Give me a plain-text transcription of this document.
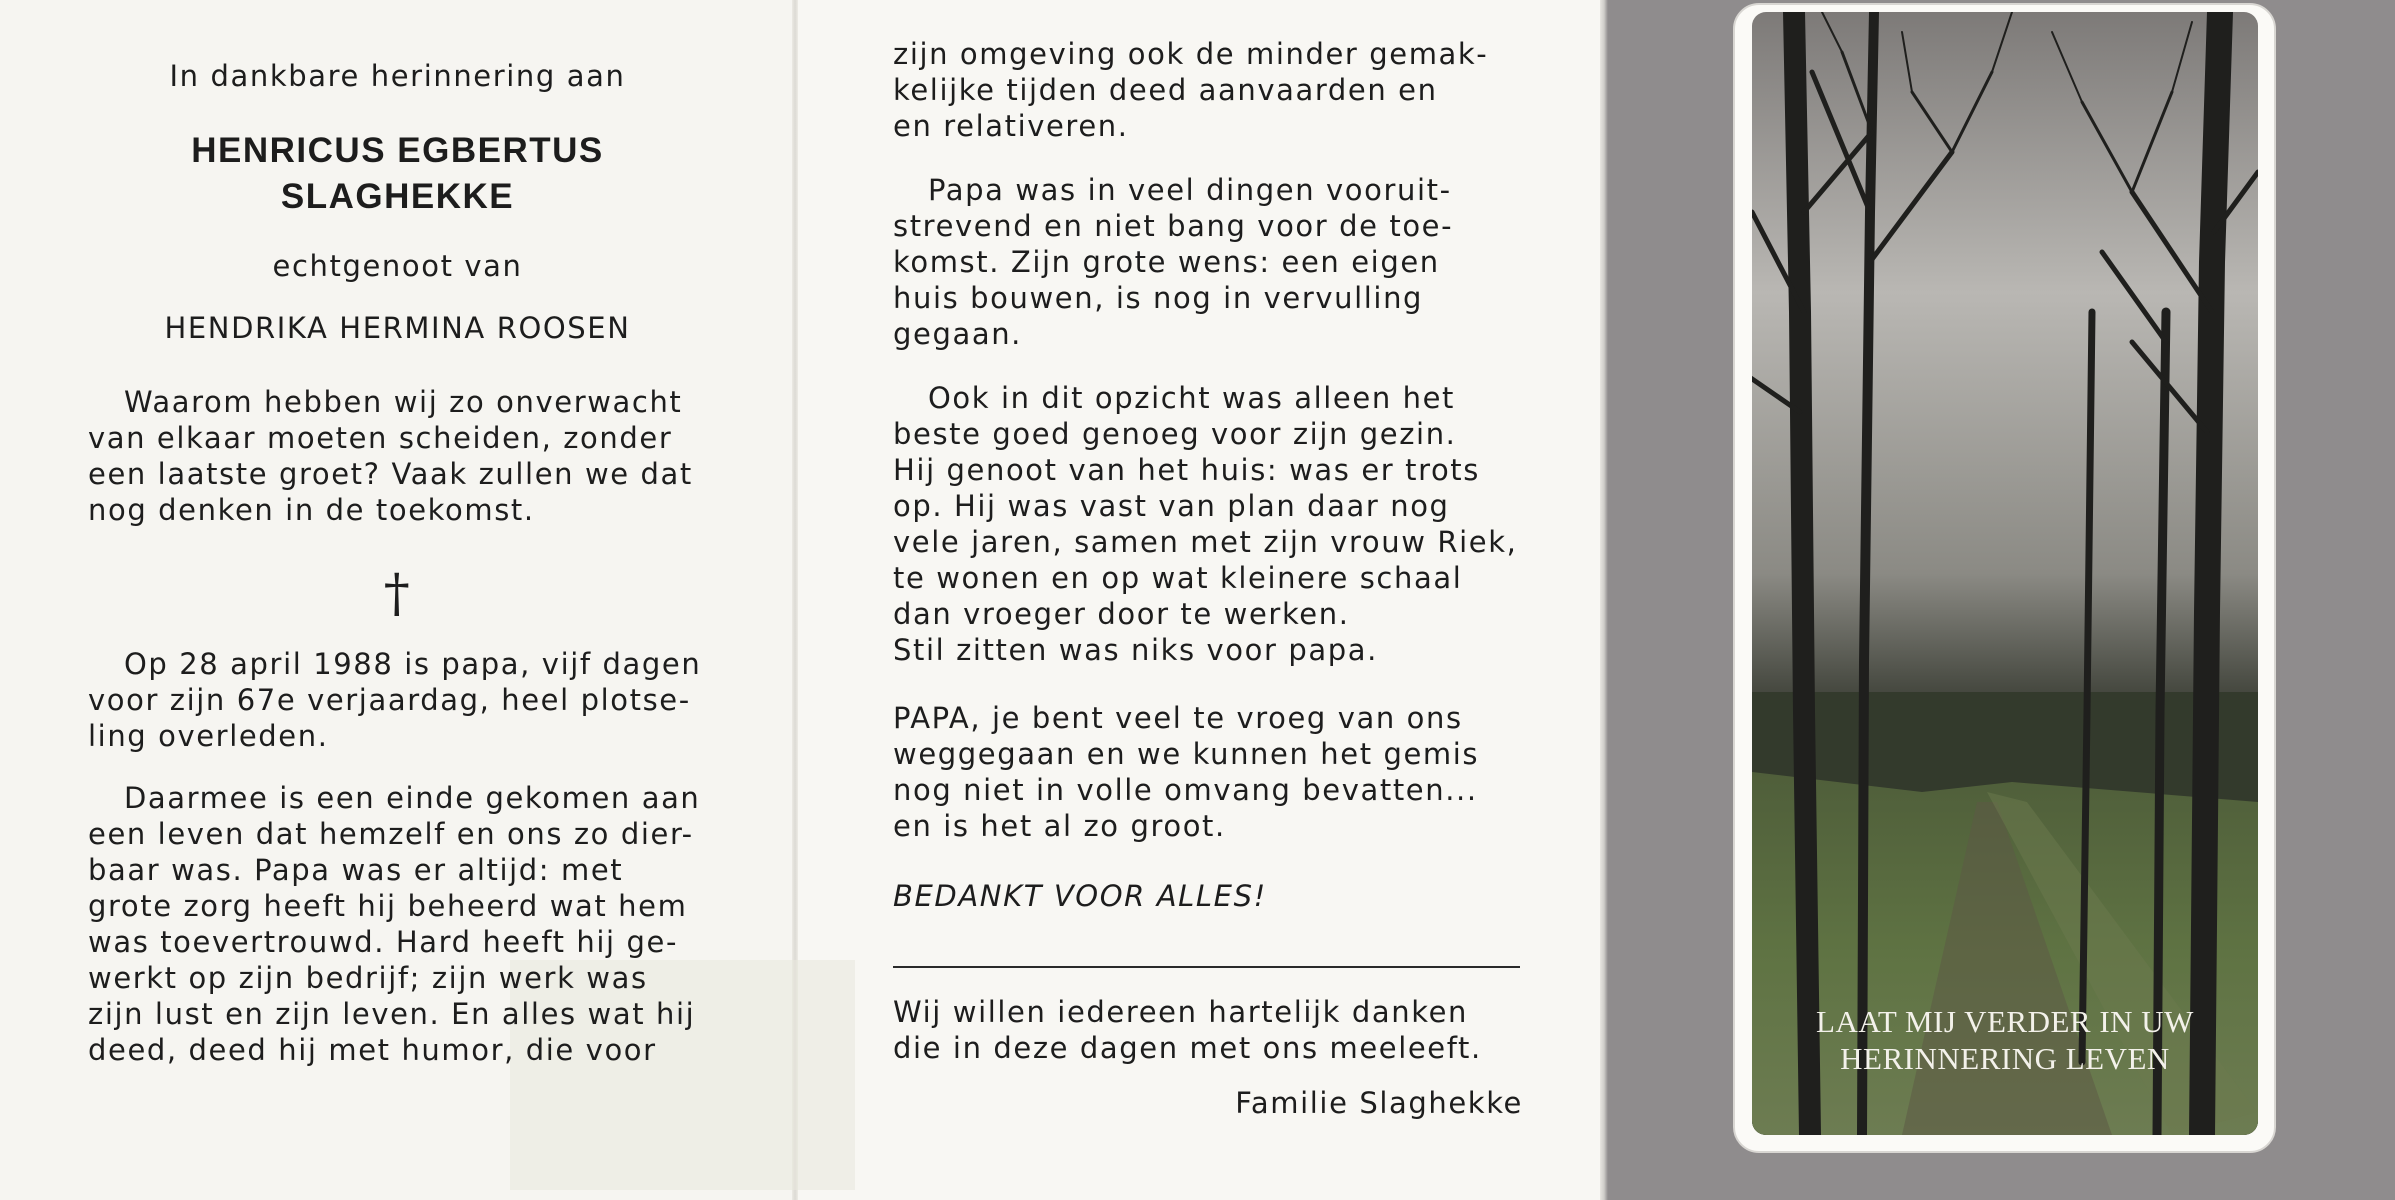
In dankbare herinnering aan
HENRICUS EGBERTUS
SLAGHEKKE
echtgenoot van
HENDRIKA HERMINA ROOSEN
Waarom hebben wij zo onverwacht
van elkaar moeten scheiden, zonder
een laatste groet? Vaak zullen we dat
nog denken in de toekomst.
†
Op 28 april 1988 is papa, vijf dagen
voor zijn 67e verjaardag, heel plotse-
ling overleden.
Daarmee is een einde gekomen aan
een leven dat hemzelf en ons zo dier-
baar was. Papa was er altijd: met
grote zorg heeft hij beheerd wat hem
was toevertrouwd. Hard heeft hij ge-
werkt op zijn bedrijf; zijn werk was
zijn lust en zijn leven. En alles wat hij
deed, deed hij met humor, die voor
zijn omgeving ook de minder gemak-
kelijke tijden deed aanvaarden en
en relativeren.
Papa was in veel dingen vooruit-
strevend en niet bang voor de toe-
komst. Zijn grote wens: een eigen
huis bouwen, is nog in vervulling
gegaan.
Ook in dit opzicht was alleen het
beste goed genoeg voor zijn gezin.
Hij genoot van het huis: was er trots
op. Hij was vast van plan daar nog
vele jaren, samen met zijn vrouw Riek,
te wonen en op wat kleinere schaal
dan vroeger door te werken.
Stil zitten was niks voor papa.
PAPA, je bent veel te vroeg van ons
weggegaan en we kunnen het gemis
nog niet in volle omvang bevatten...
en is het al zo groot.
BEDANKT VOOR ALLES!
Wij willen iedereen hartelijk danken
die in deze dagen met ons meeleeft.
Familie Slaghekke
LAAT MIJ VERDER IN UW
HERINNERING LEVEN
